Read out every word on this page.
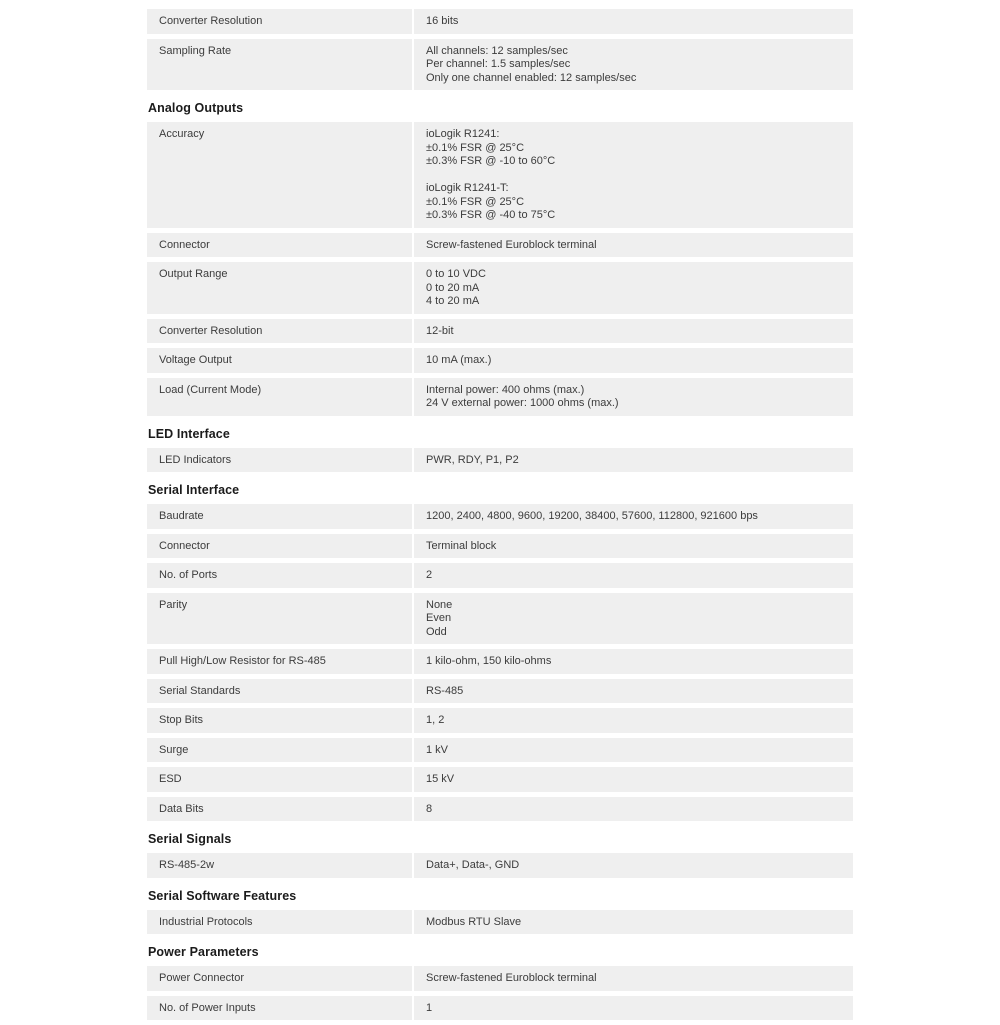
Converter Resolution	16 bits
Sampling Rate	All channels: 12 samples/sec
Per channel: 1.5 samples/sec
Only one channel enabled: 12 samples/sec
Analog Outputs
Accuracy	ioLogik R1241:
±0.1% FSR @ 25°C
±0.3% FSR @ -10 to 60°C

ioLogik R1241-T:
±0.1% FSR @ 25°C
±0.3% FSR @ -40 to 75°C
Connector	Screw-fastened Euroblock terminal
Output Range	0 to 10 VDC
0 to 20 mA
4 to 20 mA
Converter Resolution	12-bit
Voltage Output	10 mA (max.)
Load (Current Mode)	Internal power: 400 ohms (max.)
24 V external power: 1000 ohms (max.)
LED Interface
LED Indicators	PWR, RDY, P1, P2
Serial Interface
Baudrate	1200, 2400, 4800, 9600, 19200, 38400, 57600, 112800, 921600 bps
Connector	Terminal block
No. of Ports	2
Parity	None
Even
Odd
Pull High/Low Resistor for RS-485	1 kilo-ohm, 150 kilo-ohms
Serial Standards	RS-485
Stop Bits	1, 2
Surge	1 kV
ESD	15 kV
Data Bits	8
Serial Signals
RS-485-2w	Data+, Data-, GND
Serial Software Features
Industrial Protocols	Modbus RTU Slave
Power Parameters
Power Connector	Screw-fastened Euroblock terminal
No. of Power Inputs	1
